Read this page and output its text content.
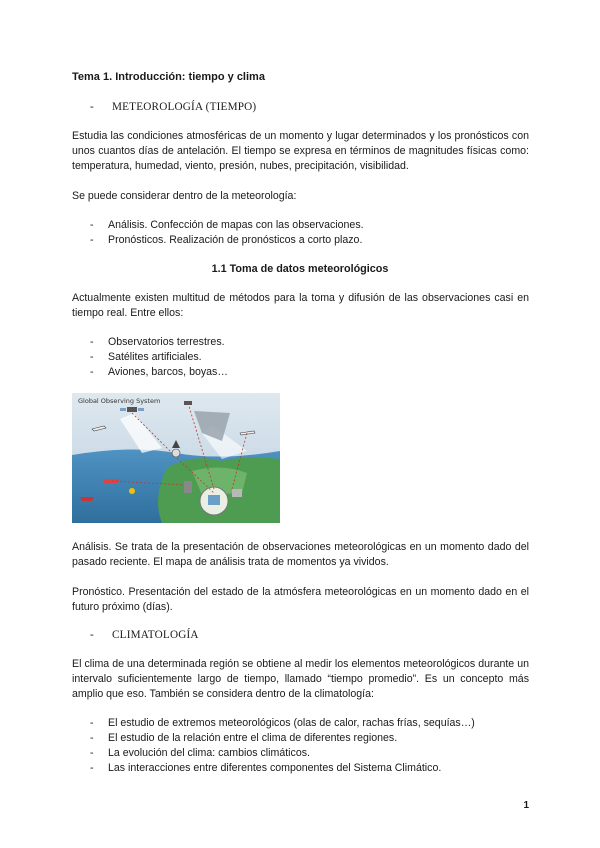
Tema 1. Introducción: tiempo y clima
- METEOROLOGÍA (TIEMPO)
Estudia las condiciones atmosféricas de un momento y lugar determinados y los pronósticos con unos cuantos días de antelación. El tiempo se expresa en términos de magnitudes físicas como: temperatura, humedad, viento, presión, nubes, precipitación, visibilidad.
Se puede considerar dentro de la meteorología:
- Análisis. Confección de mapas con las observaciones.
- Pronósticos. Realización de pronósticos a corto plazo.
1.1 Toma de datos meteorológicos
Actualmente existen multitud de métodos para la toma y difusión de las observaciones casi en tiempo real. Entre ellos:
- Observatorios terrestres.
- Satélites artificiales.
- Aviones, barcos, boyas…
Global Observing System
Análisis. Se trata de la presentación de observaciones meteorológicas en un momento dado del pasado reciente. El mapa de análisis trata de momentos ya vividos.
Pronóstico. Presentación del estado de la atmósfera meteorológicas en un momento dado en el futuro próximo (días).
- CLIMATOLOGÍA
El clima de una determinada región se obtiene al medir los elementos meteorológicos durante un intervalo suficientemente largo de tiempo, llamado “tiempo promedio”. Es un concepto más amplio que eso. También se considera dentro de la climatología:
- El estudio de extremos meteorológicos (olas de calor, rachas frías, sequías…)
- El estudio de la relación entre el clima de diferentes regiones.
- La evolución del clima: cambios climáticos.
- Las interacciones entre diferentes componentes del Sistema Climático.
1
